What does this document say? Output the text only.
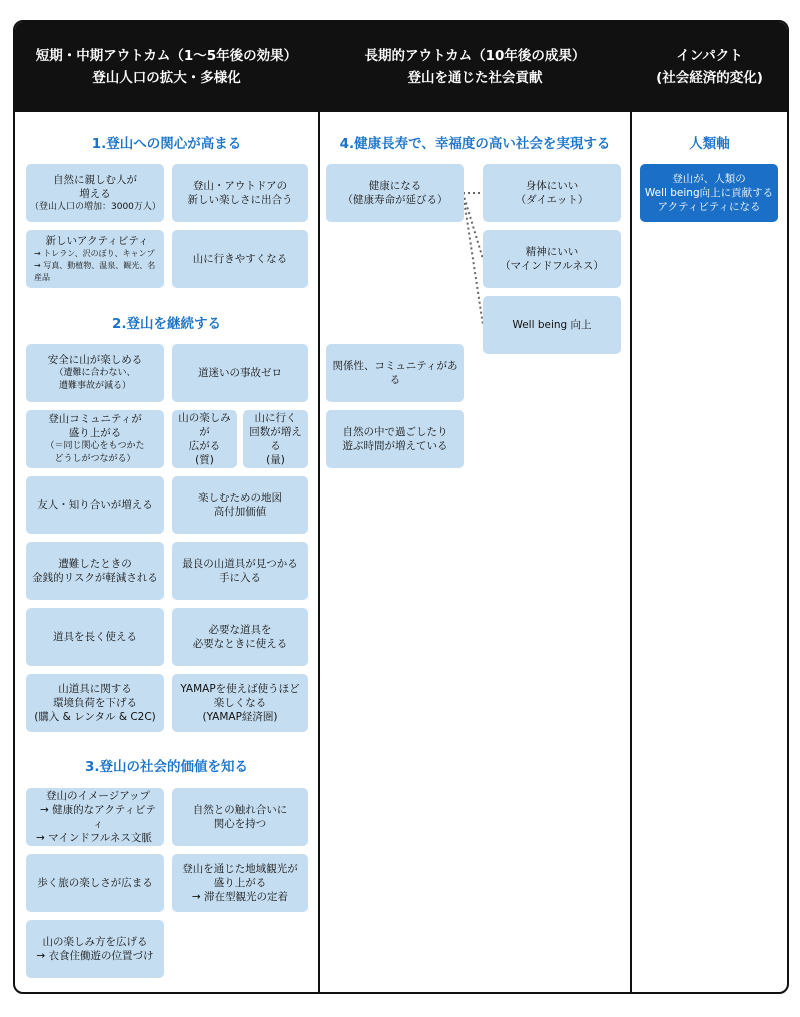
短期・中期アウトカム（1〜5年後の効果）
登山人口の拡大・多様化
長期的アウトカム（10年後の成果）
登山を通じた社会貢献
インパクト
(社会経済的変化)
1.登山への関心が高まる
自然に親しむ人が
増える
（登山人口の増加：3000万人）
登山・アウトドアの
新しい楽しさに出合う
新しいアクティビティ
→ トレラン、沢のぼり、キャンプ
→ 写真、動植物、温泉、観光、名産品
山に行きやすくなる
2.登山を継続する
安全に山が楽しめる
（遭難に合わない、
遭難事故が減る）
道迷いの事故ゼロ
登山コミュニティが
盛り上がる
（＝同じ関心をもつかた
どうしがつながる）
山の楽しみが
広がる
(質)
山に行く
回数が増える
(量)
友人・知り合いが増える
楽しむための地図
高付加価値
遭難したときの
金銭的リスクが軽減される
最良の山道具が見つかる
手に入る
道具を長く使える
必要な道具を
必要なときに使える
山道具に関する
環境負荷を下げる
(購入 & レンタル & C2C)
YAMAPを使えば使うほど
楽しくなる
(YAMAP経済圏)
3.登山の社会的価値を知る
登山のイメージアップ
→ 健康的なアクティビティ
→ マインドフルネス文脈
自然との触れ合いに
関心を持つ
歩く旅の楽しさが広まる
登山を通じた地域観光が
盛り上がる
→ 滞在型観光の定着
山の楽しみ方を広げる
→ 衣食住働遊の位置づけ
4.健康長寿で、幸福度の高い社会を実現する
健康になる
（健康寿命が延びる）
身体にいい
（ダイエット）
精神にいい
（マインドフルネス）
Well being 向上
関係性、コミュニティがある
自然の中で過ごしたり
遊ぶ時間が増えている
人類軸
登山が、人類の
Well being向上に貢献する
アクティビティになる
